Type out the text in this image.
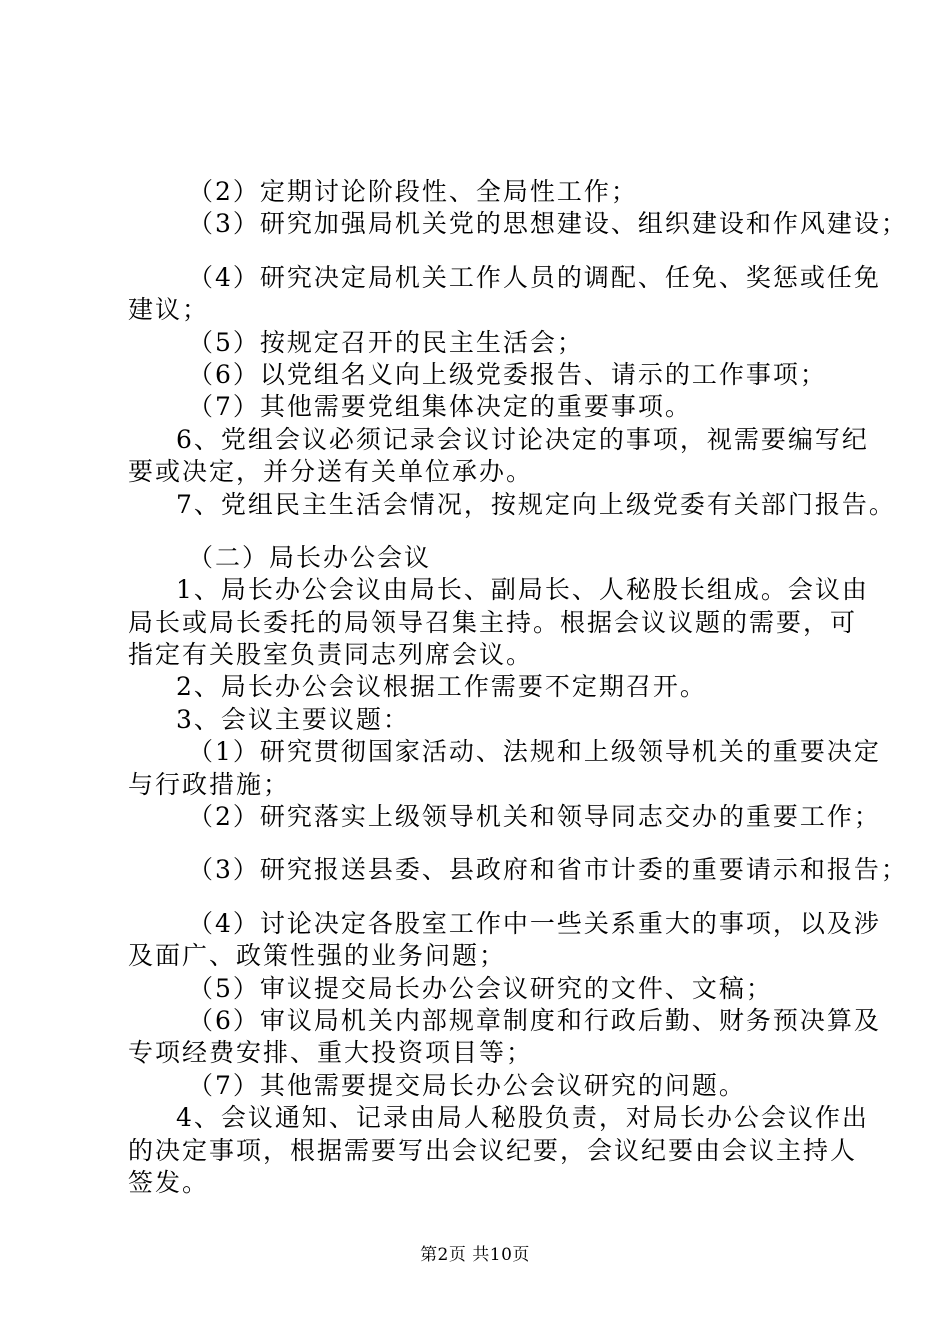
（2）定期讨论阶段性、全局性工作；
（3）研究加强局机关党的思想建设、组织建设和作风建设；
（4）研究决定局机关工作人员的调配、任免、奖惩或任免
建议；
（5）按规定召开的民主生活会；
（6）以党组名义向上级党委报告、请示的工作事项；
（7）其他需要党组集体决定的重要事项。
6、党组会议必须记录会议讨论决定的事项，视需要编写纪
要或决定，并分送有关单位承办。
7、党组民主生活会情况，按规定向上级党委有关部门报告。
（二）局长办公会议
1、局长办公会议由局长、副局长、人秘股长组成。会议由
局长或局长委托的局领导召集主持。根据会议议题的需要，可
指定有关股室负责同志列席会议。
2、局长办公会议根据工作需要不定期召开。
3、会议主要议题：
（1）研究贯彻国家活动、法规和上级领导机关的重要决定
与行政措施；
（2）研究落实上级领导机关和领导同志交办的重要工作；
（3）研究报送县委、县政府和省市计委的重要请示和报告；
（4）讨论决定各股室工作中一些关系重大的事项，以及涉
及面广、政策性强的业务问题；
（5）审议提交局长办公会议研究的文件、文稿；
（6）审议局机关内部规章制度和行政后勤、财务预决算及
专项经费安排、重大投资项目等；
（7）其他需要提交局长办公会议研究的问题。
4、会议通知、记录由局人秘股负责，对局长办公会议作出
的决定事项，根据需要写出会议纪要，会议纪要由会议主持人
签发。
第2页 共10页
